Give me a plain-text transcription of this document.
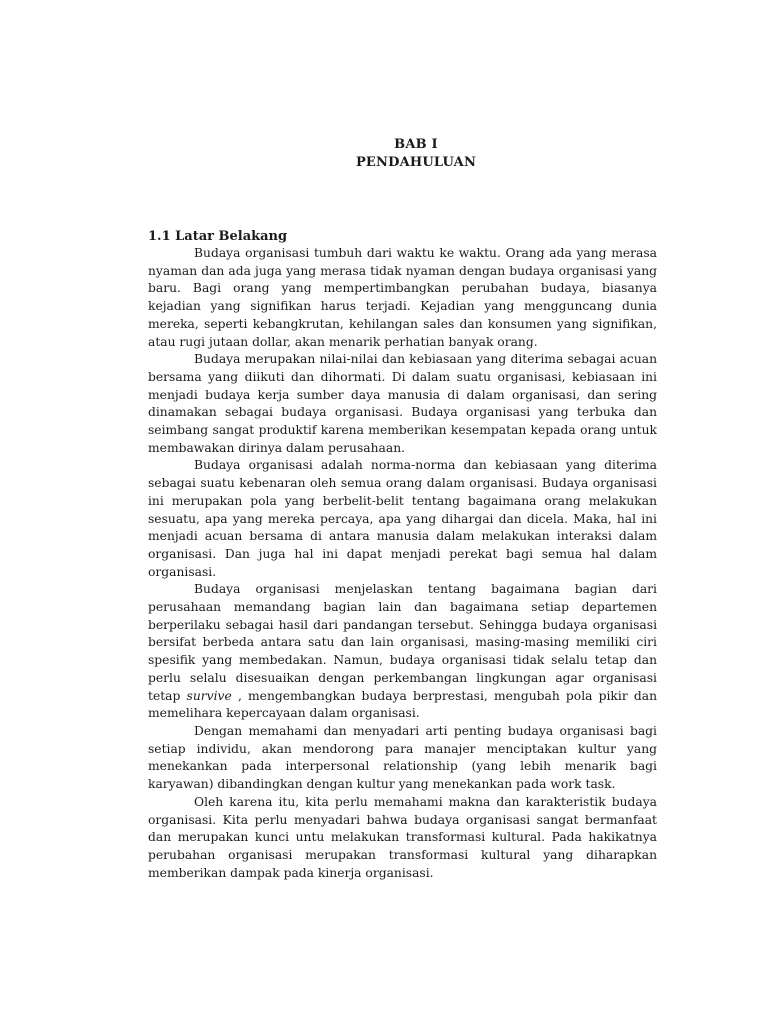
BAB I
PENDAHULUAN
1.1 Latar Belakang

Budaya organisasi tumbuh dari waktu ke waktu. Orang ada yang merasa nyaman dan ada juga yang merasa tidak nyaman dengan budaya organisasi yang baru. Bagi orang yang mempertimbangkan perubahan budaya, biasanya kejadian yang signifikan harus terjadi. Kejadian yang mengguncang dunia mereka, seperti kebangkrutan, kehilangan sales dan konsumen yang signifikan, atau rugi jutaan dollar, akan menarik perhatian banyak orang.

Budaya merupakan nilai-nilai dan kebiasaan yang diterima sebagai acuan bersama yang diikuti dan dihormati. Di dalam suatu organisasi, kebiasaan ini menjadi budaya kerja sumber daya manusia di dalam organisasi, dan sering dinamakan sebagai budaya organisasi. Budaya organisasi yang terbuka dan seimbang sangat produktif karena memberikan kesempatan kepada orang untuk membawakan dirinya dalam perusahaan.

Budaya organisasi adalah norma-norma dan kebiasaan yang diterima sebagai suatu kebenaran oleh semua orang dalam organisasi. Budaya organisasi ini merupakan pola yang berbelit-belit tentang bagaimana orang melakukan sesuatu, apa yang mereka percaya, apa yang dihargai dan dicela. Maka, hal ini menjadi acuan bersama di antara manusia dalam melakukan interaksi dalam organisasi. Dan juga hal ini dapat menjadi perekat bagi semua hal dalam organisasi.

Budaya organisasi menjelaskan tentang bagaimana bagian dari perusahaan memandang bagian lain dan bagaimana setiap departemen berperilaku sebagai hasil dari pandangan tersebut. Sehingga budaya organisasi bersifat berbeda antara satu dan lain organisasi, masing-masing memiliki ciri spesifik yang membedakan. Namun, budaya organisasi tidak selalu tetap dan perlu selalu disesuaikan dengan perkembangan lingkungan agar organisasi tetap survive , mengembangkan budaya berprestasi, mengubah pola pikir dan memelihara kepercayaan dalam organisasi.

Dengan memahami dan menyadari arti penting budaya organisasi bagi setiap individu, akan mendorong para manajer menciptakan kultur yang menekankan pada interpersonal relationship (yang lebih menarik bagi karyawan) dibandingkan dengan kultur yang menekankan pada work task.

Oleh karena itu, kita perlu memahami makna dan karakteristik budaya organisasi. Kita perlu menyadari bahwa budaya organisasi sangat bermanfaat dan merupakan kunci untu melakukan transformasi kultural. Pada hakikatnya perubahan organisasi merupakan transformasi kultural yang diharapkan memberikan dampak pada kinerja organisasi.
